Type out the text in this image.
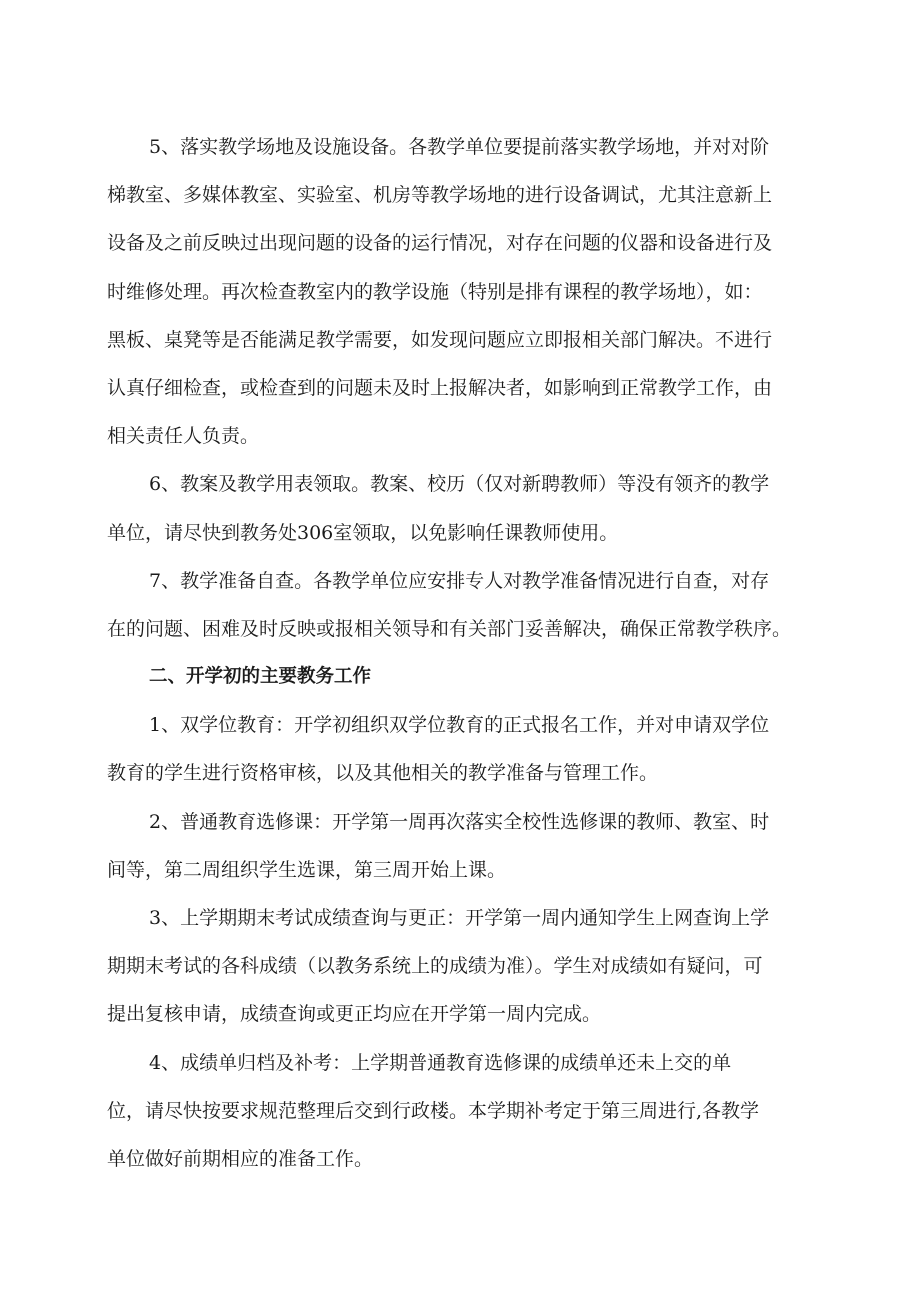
5、落实教学场地及设施设备。各教学单位要提前落实教学场地，并对对阶
梯教室、多媒体教室、实验室、机房等教学场地的进行设备调试，尤其注意新上
设备及之前反映过出现问题的设备的运行情况，对存在问题的仪器和设备进行及
时维修处理。再次检查教室内的教学设施（特别是排有课程的教学场地），如：
黑板、桌凳等是否能满足教学需要，如发现问题应立即报相关部门解决。不进行
认真仔细检查，或检查到的问题未及时上报解决者，如影响到正常教学工作，由
相关责任人负责。
6、教案及教学用表领取。教案、校历（仅对新聘教师）等没有领齐的教学
单位，请尽快到教务处306室领取，以免影响任课教师使用。
7、教学准备自查。各教学单位应安排专人对教学准备情况进行自查，对存
在的问题、困难及时反映或报相关领导和有关部门妥善解决，确保正常教学秩序。
二、开学初的主要教务工作
1、双学位教育：开学初组织双学位教育的正式报名工作，并对申请双学位
教育的学生进行资格审核，以及其他相关的教学准备与管理工作。
2、普通教育选修课：开学第一周再次落实全校性选修课的教师、教室、时
间等，第二周组织学生选课，第三周开始上课。
3、上学期期末考试成绩查询与更正：开学第一周内通知学生上网查询上学
期期末考试的各科成绩（以教务系统上的成绩为准）。学生对成绩如有疑问，可
提出复核申请，成绩查询或更正均应在开学第一周内完成。
4、成绩单归档及补考：上学期普通教育选修课的成绩单还未上交的单
位，请尽快按要求规范整理后交到行政楼。本学期补考定于第三周进行,各教学
单位做好前期相应的准备工作。
